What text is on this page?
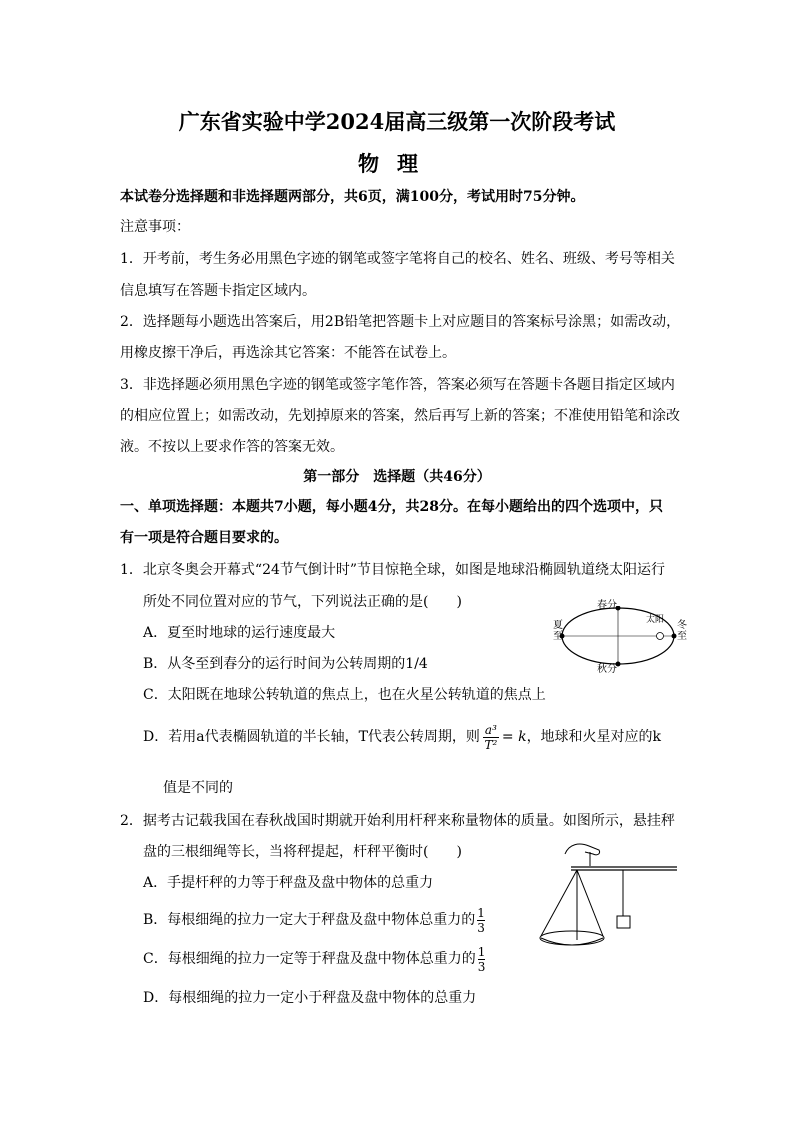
广东省实验中学2024届高三级第一次阶段考试
物理
本试卷分选择题和非选择题两部分，共6页，满100分，考试用时75分钟。
注意事项：
1．开考前，考生务必用黑色字迹的钢笔或签字笔将自己的校名、姓名、班级、考号等相关
信息填写在答题卡指定区域内。
2．选择题每小题选出答案后，用2B铅笔把答题卡上对应题目的答案标号涂黑；如需改动，
用橡皮擦干净后，再选涂其它答案：不能答在试卷上。
3．非选择题必须用黑色字迹的钢笔或签字笔作答，答案必须写在答题卡各题目指定区域内
的相应位置上；如需改动，先划掉原来的答案，然后再写上新的答案；不准使用铅笔和涂改
液。不按以上要求作答的答案无效。
第一部分　选择题（共46分）
一、单项选择题：本题共7小题，每小题4分，共28分。在每小题给出的四个选项中，只
有一项是符合题目要求的。
1．北京冬奥会开幕式“24节气倒计时”节目惊艳全球，如图是地球沿椭圆轨道绕太阳运行
所处不同位置对应的节气，下列说法正确的是(　　)
A．夏至时地球的运行速度最大
B．从冬至到春分的运行时间为公转周期的1/4
C．太阳既在地球公转轨道的焦点上，也在火星公转轨道的焦点上
D．若用a代表椭圆轨道的半长轴，T代表公转周期，则 $\frac{\text{a³}}{\text{T²}} = k$，地球和火星对应的k
值是不同的
春分
秋分
夏至
冬至
太阳
2．据考古记载我国在春秋战国时期就开始利用杆秤来称量物体的质量。如图所示，悬挂秤
盘的三根细绳等长，当将秤提起，杆秤平衡时(　　)
A．手提杆秤的力等于秤盘及盘中物体的总重力
B．每根细绳的拉力一定大于秤盘及盘中物体总重力的 $\frac{1}{3}$
C．每根细绳的拉力一定等于秤盘及盘中物体总重力的 $\frac{1}{3}$
D．每根细绳的拉力一定小于秤盘及盘中物体的总重力
